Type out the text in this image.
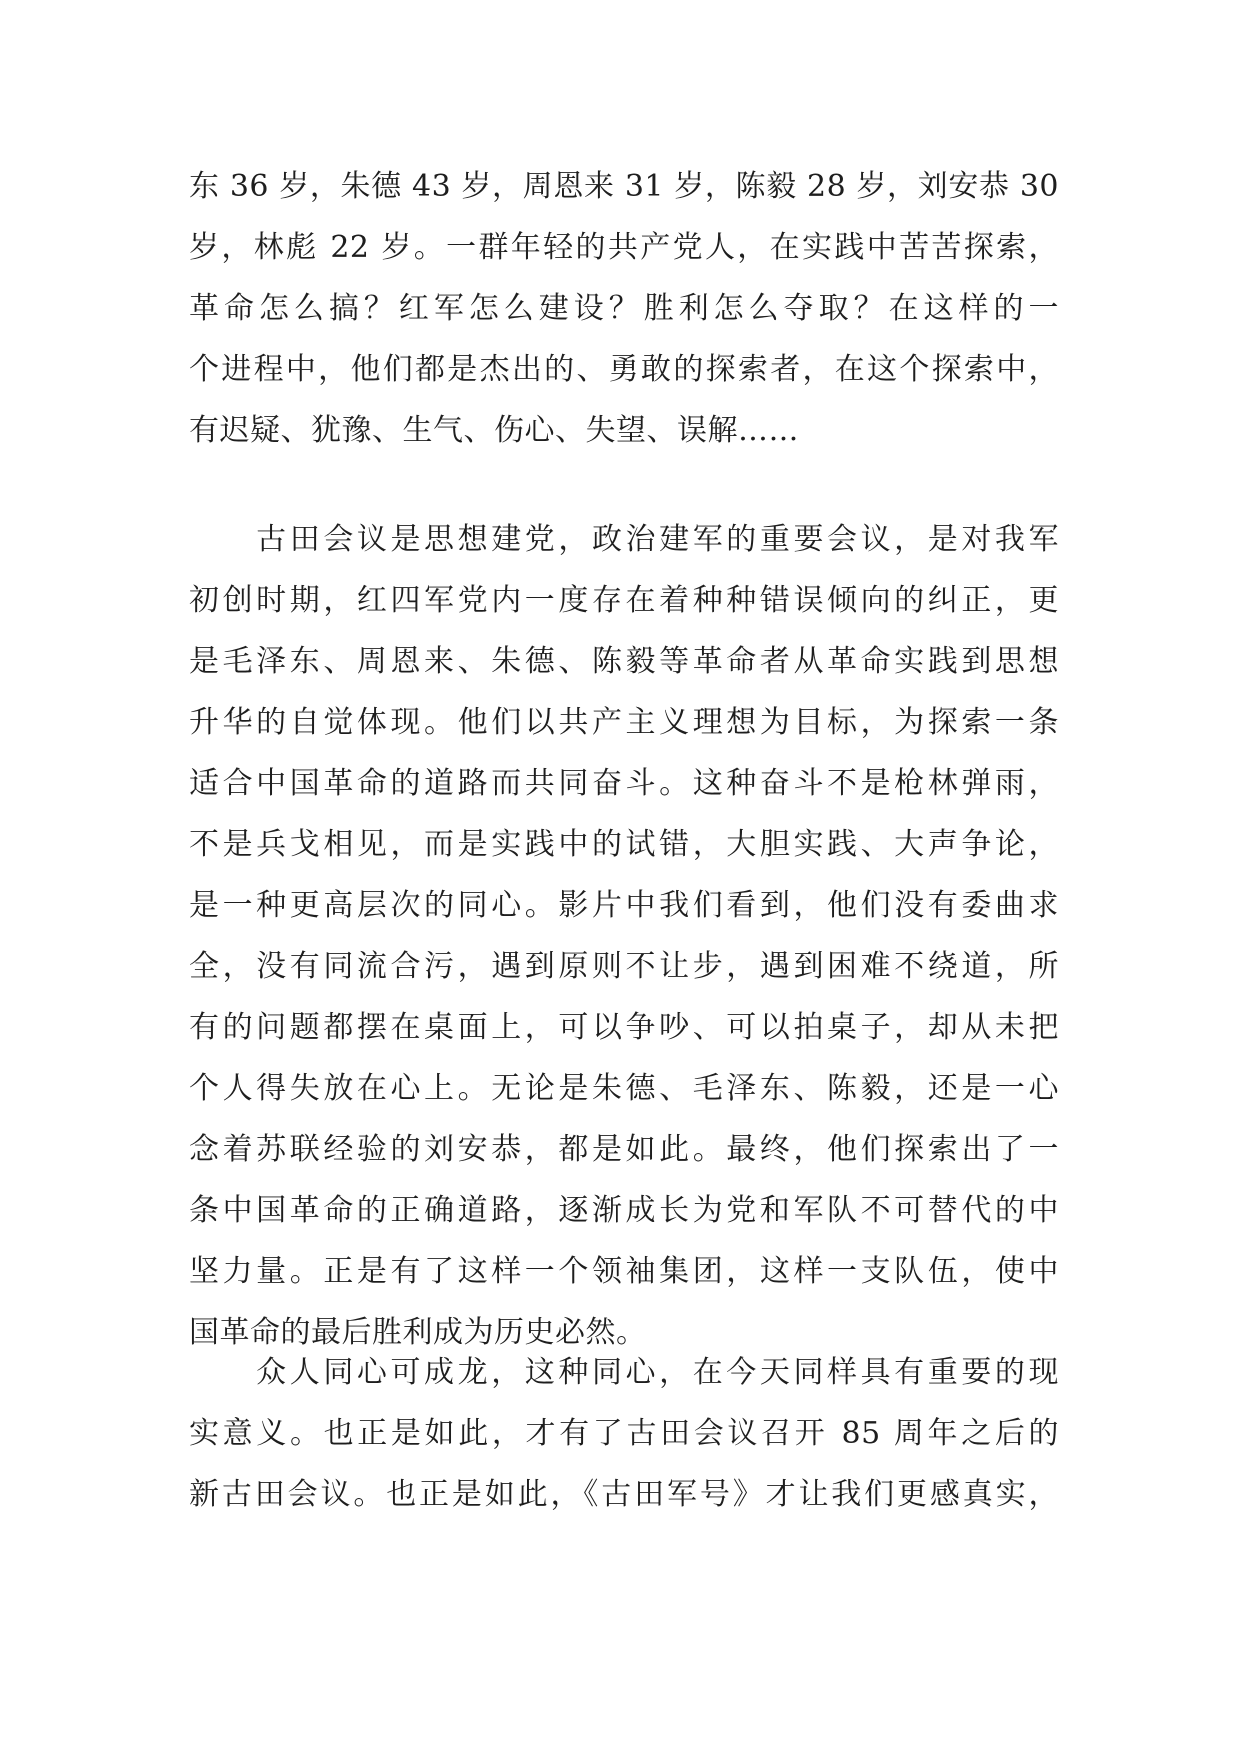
东 36 岁，朱德 43 岁，周恩来 31 岁，陈毅 28 岁，刘安恭 30
岁，林彪 22 岁。一群年轻的共产党人，在实践中苦苦探索，
革命怎么搞？红军怎么建设？胜利怎么夺取？在这样的一
个进程中，他们都是杰出的、勇敢的探索者，在这个探索中，
有迟疑、犹豫、生气、伤心、失望、误解……
　　古田会议是思想建党，政治建军的重要会议，是对我军
初创时期，红四军党内一度存在着种种错误倾向的纠正，更
是毛泽东、周恩来、朱德、陈毅等革命者从革命实践到思想
升华的自觉体现。他们以共产主义理想为目标，为探索一条
适合中国革命的道路而共同奋斗。这种奋斗不是枪林弹雨，
不是兵戈相见，而是实践中的试错，大胆实践、大声争论，
是一种更高层次的同心。影片中我们看到，他们没有委曲求
全，没有同流合污，遇到原则不让步，遇到困难不绕道，所
有的问题都摆在桌面上，可以争吵、可以拍桌子，却从未把
个人得失放在心上。无论是朱德、毛泽东、陈毅，还是一心
念着苏联经验的刘安恭，都是如此。最终，他们探索出了一
条中国革命的正确道路，逐渐成长为党和军队不可替代的中
坚力量。正是有了这样一个领袖集团，这样一支队伍，使中
国革命的最后胜利成为历史必然。
　　众人同心可成龙，这种同心，在今天同样具有重要的现
实意义。也正是如此，才有了古田会议召开 85 周年之后的
新古田会议。也正是如此，《古田军号》才让我们更感真实，
